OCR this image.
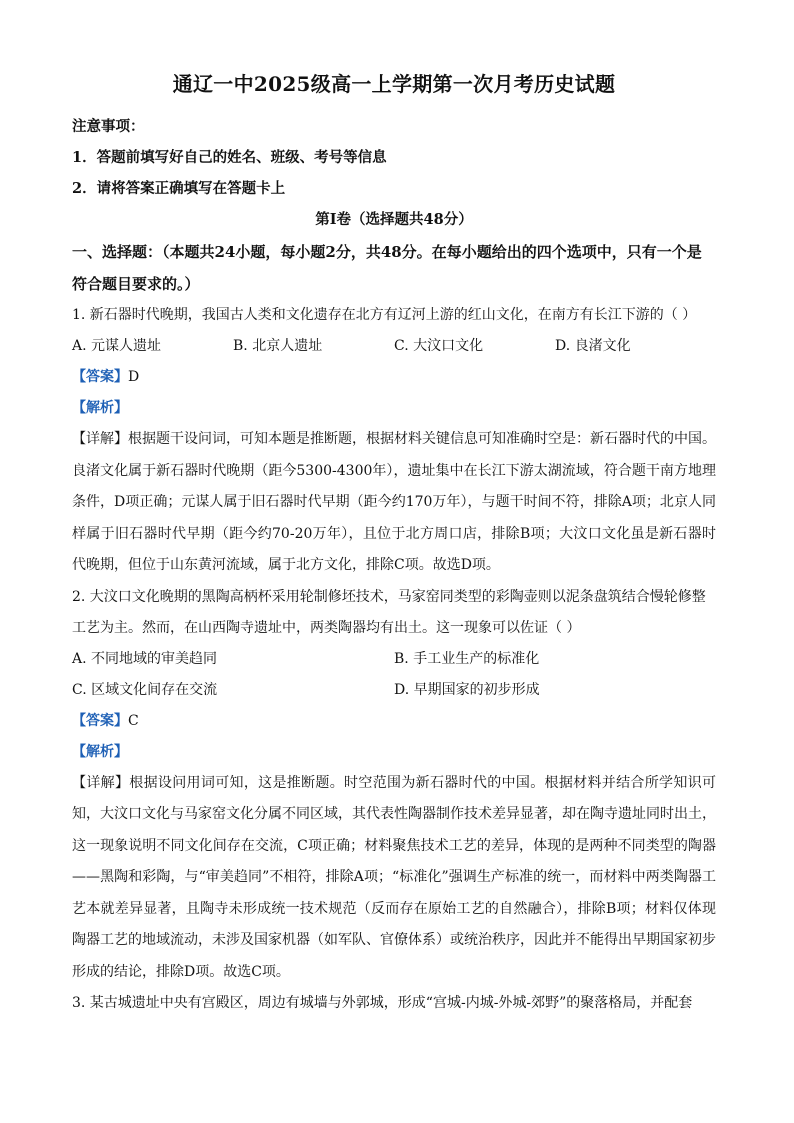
通辽一中2025级高一上学期第一次月考历史试题
注意事项：
1．答题前填写好自己的姓名、班级、考号等信息
2．请将答案正确填写在答题卡上
第Ⅰ卷（选择题共48分）
一、选择题：（本题共24小题，每小题2分，共48分。在每小题给出的四个选项中，只有一个是符合题目要求的。）

1. 新石器时代晚期，我国古人类和文化遗存在北方有辽河上游的红山文化，在南方有长江下游的（ ）

A. 元谋人遗址	B. 北京人遗址	C. 大汶口文化	D. 良渚文化
【答案】D
【解析】

【详解】根据题干设问词，可知本题是推断题，根据材料关键信息可知准确时空是：新石器时代的中国。良渚文化属于新石器时代晚期（距今5300-4300年），遗址集中在长江下游太湖流域，符合题干南方地理条件，D项正确；元谋人属于旧石器时代早期（距今约170万年），与题干时间不符，排除A项；北京人同样属于旧石器时代早期（距今约70-20万年），且位于北方周口店，排除B项；大汶口文化虽是新石器时代晚期，但位于山东黄河流域，属于北方文化，排除C项。故选D项。

2. 大汶口文化晚期的黑陶高柄杯采用轮制修坯技术，马家窑同类型的彩陶壶则以泥条盘筑结合慢轮修整工艺为主。然而，在山西陶寺遗址中，两类陶器均有出土。这一现象可以佐证（ ）

A. 不同地域的审美趋同	B. 手工业生产的标准化
C. 区域文化间存在交流	D. 早期国家的初步形成
【答案】C
【解析】

【详解】根据设问用词可知，这是推断题。时空范围为新石器时代的中国。根据材料并结合所学知识可知，大汶口文化与马家窑文化分属不同区域，其代表性陶器制作技术差异显著，却在陶寺遗址同时出土，这一现象说明不同文化间存在交流，C项正确；材料聚焦技术工艺的差异，体现的是两种不同类型的陶器——黑陶和彩陶，与“审美趋同”不相符，排除A项；“标准化”强调生产标准的统一，而材料中两类陶器工艺本就差异显著，且陶寺未形成统一技术规范（反而存在原始工艺的自然融合），排除B项；材料仅体现陶器工艺的地域流动，未涉及国家机器（如军队、官僚体系）或统治秩序，因此并不能得出早期国家初步形成的结论，排除D项。故选C项。

3. 某古城遗址中央有宫殿区，周边有城墙与外郭城，形成“宫城-内城-外城-郊野”的聚落格局，并配套
